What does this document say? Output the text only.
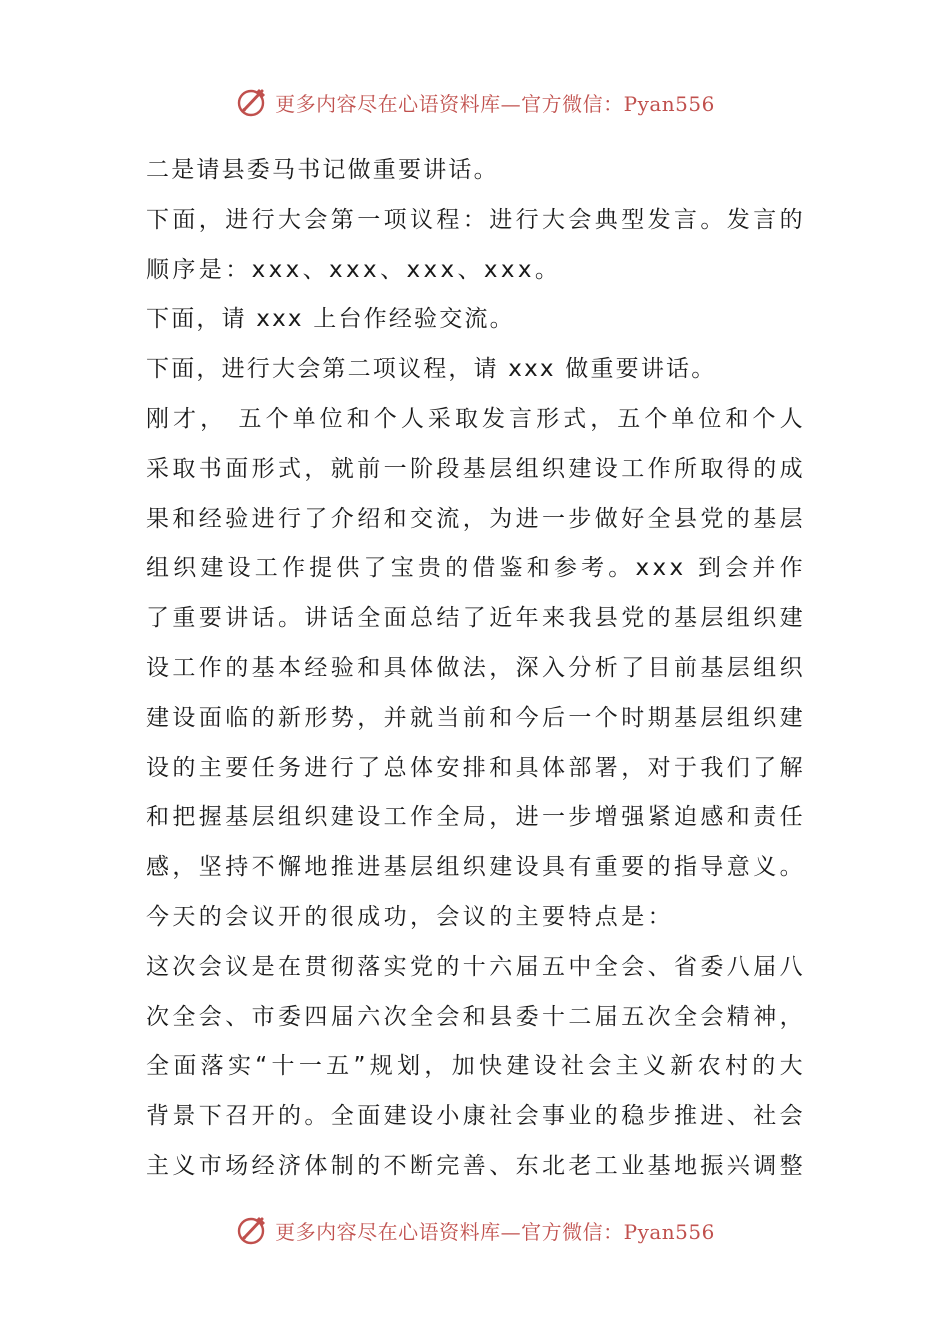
更多内容尽在心语资料库—官方微信：Pyan556

二是请县委马书记做重要讲话。

下面，进行大会第一项议程：进行大会典型发言。发言的顺序是：xxx、xxx、xxx、xxx。

下面，请 xxx 上台作经验交流。

下面，进行大会第二项议程，请 xxx 做重要讲话。

刚才， 五个单位和个人采取发言形式，五个单位和个人采取书面形式，就前一阶段基层组织建设工作所取得的成果和经验进行了介绍和交流，为进一步做好全县党的基层组织建设工作提供了宝贵的借鉴和参考。xxx 到会并作了重要讲话。讲话全面总结了近年来我县党的基层组织建设工作的基本经验和具体做法，深入分析了目前基层组织建设面临的新形势，并就当前和今后一个时期基层组织建设的主要任务进行了总体安排和具体部署，对于我们了解和把握基层组织建设工作全局，进一步增强紧迫感和责任感，坚持不懈地推进基层组织建设具有重要的指导意义。今天的会议开的很成功，会议的主要特点是：

这次会议是在贯彻落实党的十六届五中全会、省委八届八次全会、市委四届六次全会和县委十二届五次全会精神，全面落实“十一五”规划，加快建设社会主义新农村的大背景下召开的。全面建设小康社会事业的稳步推进、社会主义市场经济体制的不断完善、东北老工业基地振兴调整

更多内容尽在心语资料库—官方微信：Pyan556
